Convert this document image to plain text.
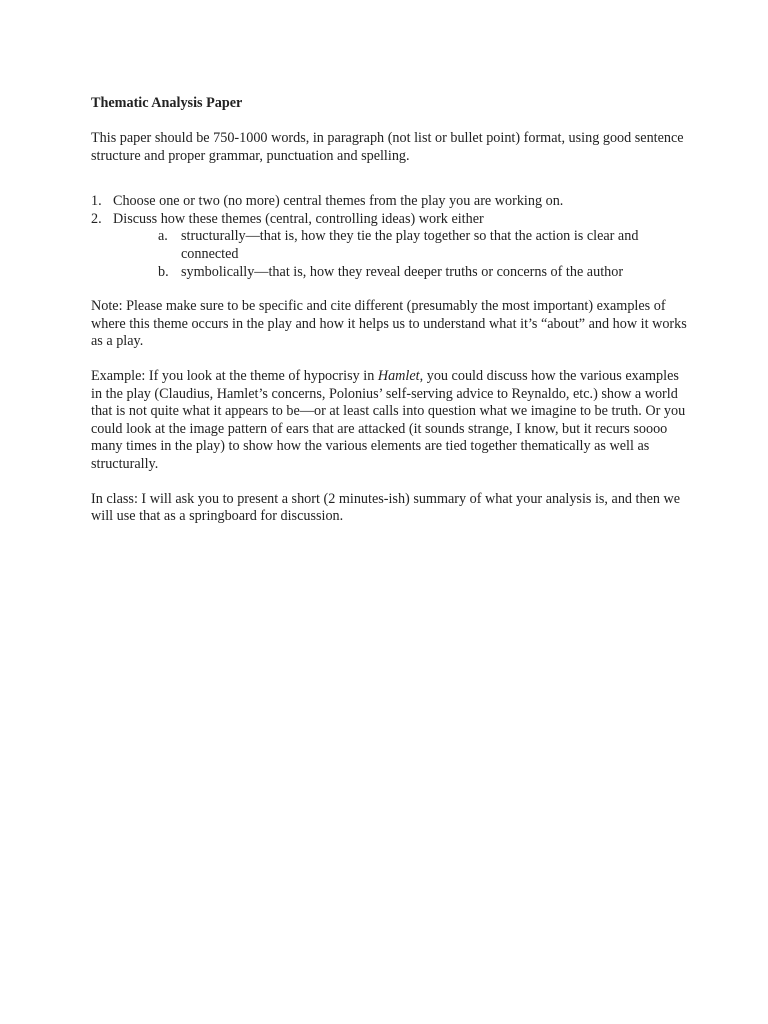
Thematic Analysis Paper

This paper should be 750-1000 words, in paragraph (not list or bullet point) format, using good sentence structure and proper grammar, punctuation and spelling.

1. Choose one or two (no more) central themes from the play you are working on.
2. Discuss how these themes (central, controlling ideas) work either
a. structurally—that is, how they tie the play together so that the action is clear and connected
b. symbolically—that is, how they reveal deeper truths or concerns of the author

Note: Please make sure to be specific and cite different (presumably the most important) examples of where this theme occurs in the play and how it helps us to understand what it’s “about” and how it works as a play.

Example: If you look at the theme of hypocrisy in Hamlet, you could discuss how the various examples in the play (Claudius, Hamlet’s concerns, Polonius’ self-serving advice to Reynaldo, etc.) show a world that is not quite what it appears to be—or at least calls into question what we imagine to be truth. Or you could look at the image pattern of ears that are attacked (it sounds strange, I know, but it recurs soooo many times in the play) to show how the various elements are tied together thematically as well as structurally.

In class: I will ask you to present a short (2 minutes-ish) summary of what your analysis is, and then we will use that as a springboard for discussion.
